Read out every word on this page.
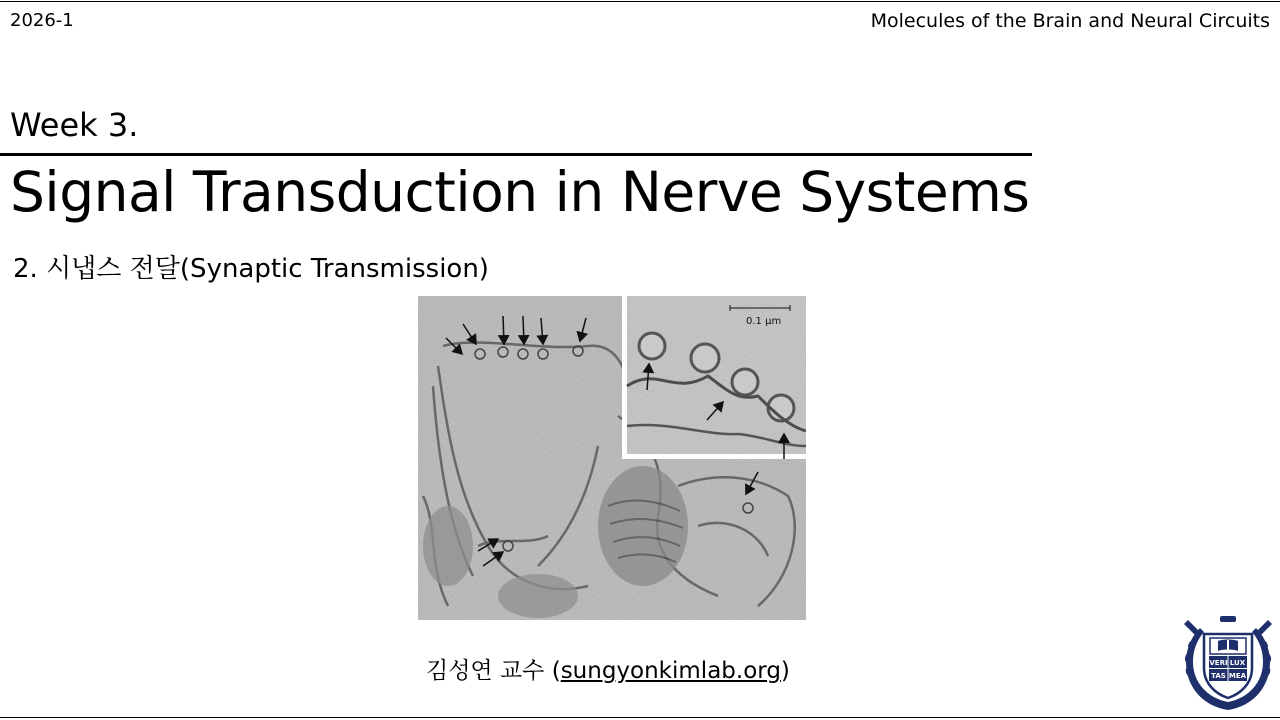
2026-1	Molecules of the Brain and Neural Circuits
Week 3.
Signal Transduction in Nerve Systems
2. 시냅스 전달(Synaptic Transmission)
0.1 µm
김성연 교수 (sungyonkimlab.org)	VERI LUX
TAS MEA
